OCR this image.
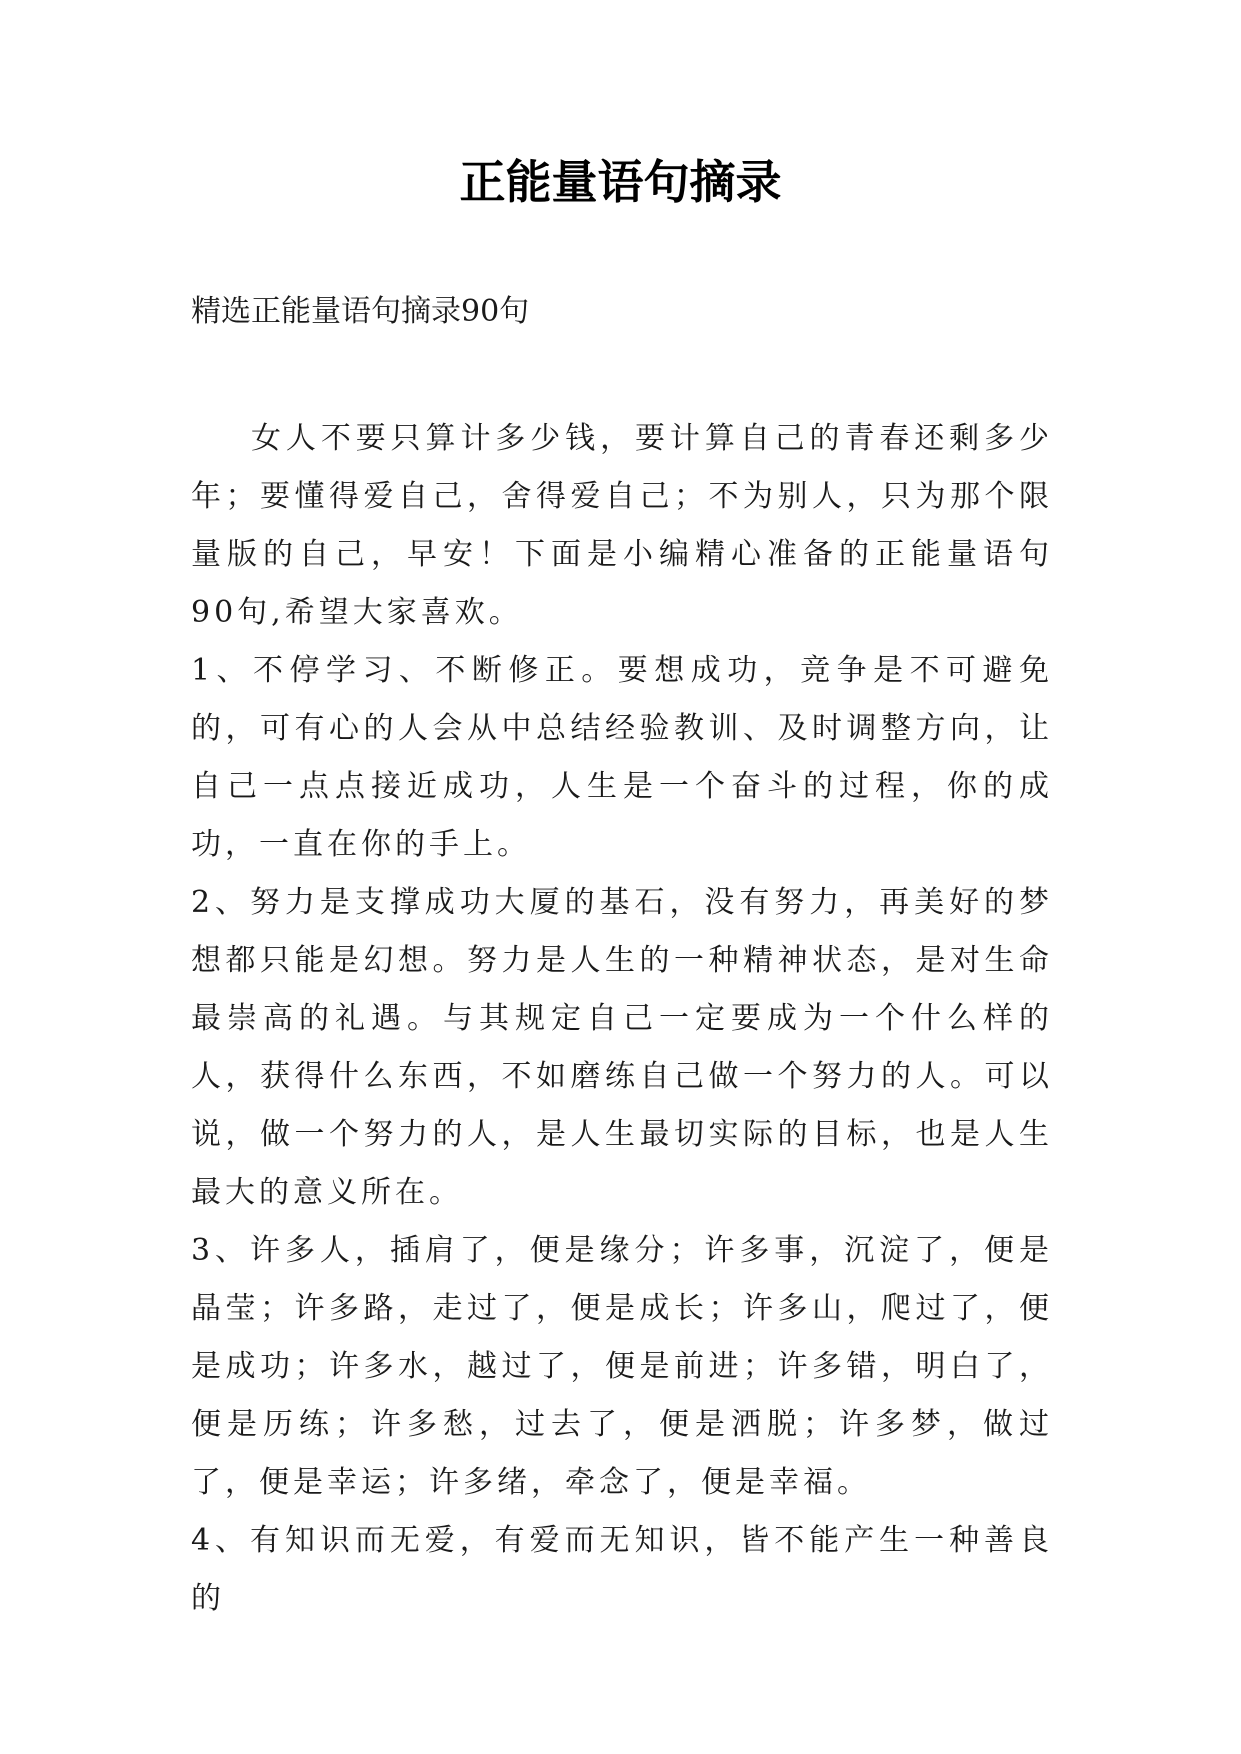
正能量语句摘录

精选正能量语句摘录90句

女人不要只算计多少钱，要计算自己的青春还剩多少年；要懂得爱自己，舍得爱自己；不为别人，只为那个限量版的自己，早安！下面是小编精心准备的正能量语句90句,希望大家喜欢。

1、不停学习、不断修正。要想成功，竞争是不可避免的，可有心的人会从中总结经验教训、及时调整方向，让自己一点点接近成功，人生是一个奋斗的过程，你的成功，一直在你的手上。

2、努力是支撑成功大厦的基石，没有努力，再美好的梦想都只能是幻想。努力是人生的一种精神状态，是对生命最崇高的礼遇。与其规定自己一定要成为一个什么样的人，获得什么东西，不如磨练自己做一个努力的人。可以说，做一个努力的人，是人生最切实际的目标，也是人生最大的意义所在。

3、许多人，插肩了，便是缘分；许多事，沉淀了，便是晶莹；许多路，走过了，便是成长；许多山，爬过了，便是成功；许多水，越过了，便是前进；许多错，明白了，便是历练；许多愁，过去了，便是洒脱；许多梦，做过了，便是幸运；许多绪，牵念了，便是幸福。

4、有知识而无爱，有爱而无知识，皆不能产生一种善良的
